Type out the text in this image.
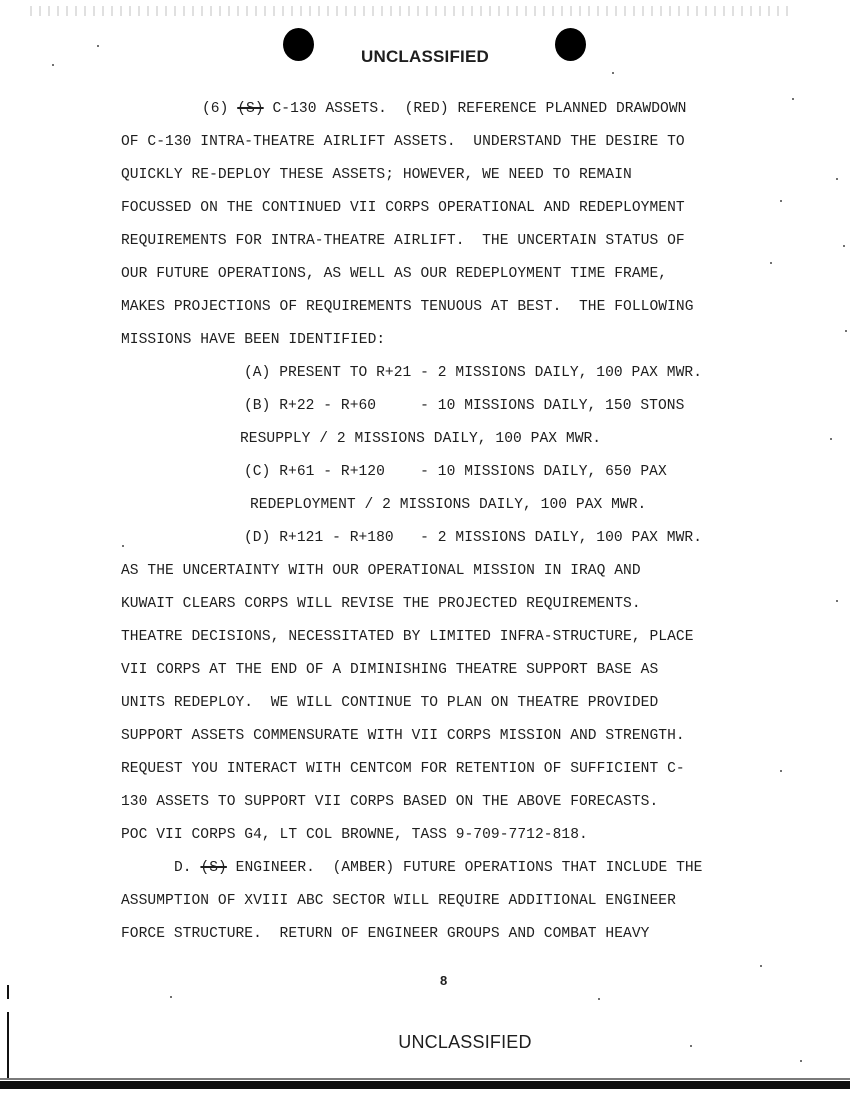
UNCLASSIFIED
(6) (S) C-130 ASSETS.  (RED) REFERENCE PLANNED DRAWDOWN
OF C-130 INTRA-THEATRE AIRLIFT ASSETS.  UNDERSTAND THE DESIRE TO
QUICKLY RE-DEPLOY THESE ASSETS; HOWEVER, WE NEED TO REMAIN
FOCUSSED ON THE CONTINUED VII CORPS OPERATIONAL AND REDEPLOYMENT
REQUIREMENTS FOR INTRA-THEATRE AIRLIFT.  THE UNCERTAIN STATUS OF
OUR FUTURE OPERATIONS, AS WELL AS OUR REDEPLOYMENT TIME FRAME,
MAKES PROJECTIONS OF REQUIREMENTS TENUOUS AT BEST.  THE FOLLOWING
MISSIONS HAVE BEEN IDENTIFIED:
(A) PRESENT TO R+21 - 2 MISSIONS DAILY, 100 PAX MWR.
(B) R+22 - R+60     - 10 MISSIONS DAILY, 150 STONS
RESUPPLY / 2 MISSIONS DAILY, 100 PAX MWR.
(C) R+61 - R+120    - 10 MISSIONS DAILY, 650 PAX
REDEPLOYMENT / 2 MISSIONS DAILY, 100 PAX MWR.
(D) R+121 - R+180   - 2 MISSIONS DAILY, 100 PAX MWR.
AS THE UNCERTAINTY WITH OUR OPERATIONAL MISSION IN IRAQ AND
KUWAIT CLEARS CORPS WILL REVISE THE PROJECTED REQUIREMENTS.
THEATRE DECISIONS, NECESSITATED BY LIMITED INFRA-STRUCTURE, PLACE
VII CORPS AT THE END OF A DIMINISHING THEATRE SUPPORT BASE AS
UNITS REDEPLOY.  WE WILL CONTINUE TO PLAN ON THEATRE PROVIDED
SUPPORT ASSETS COMMENSURATE WITH VII CORPS MISSION AND STRENGTH.
REQUEST YOU INTERACT WITH CENTCOM FOR RETENTION OF SUFFICIENT C-
130 ASSETS TO SUPPORT VII CORPS BASED ON THE ABOVE FORECASTS.
POC VII CORPS G4, LT COL BROWNE, TASS 9-709-7712-818.
D. (S) ENGINEER.  (AMBER) FUTURE OPERATIONS THAT INCLUDE THE
ASSUMPTION OF XVIII ABC SECTOR WILL REQUIRE ADDITIONAL ENGINEER
FORCE STRUCTURE.  RETURN OF ENGINEER GROUPS AND COMBAT HEAVY
8
UNCLASSIFIED
